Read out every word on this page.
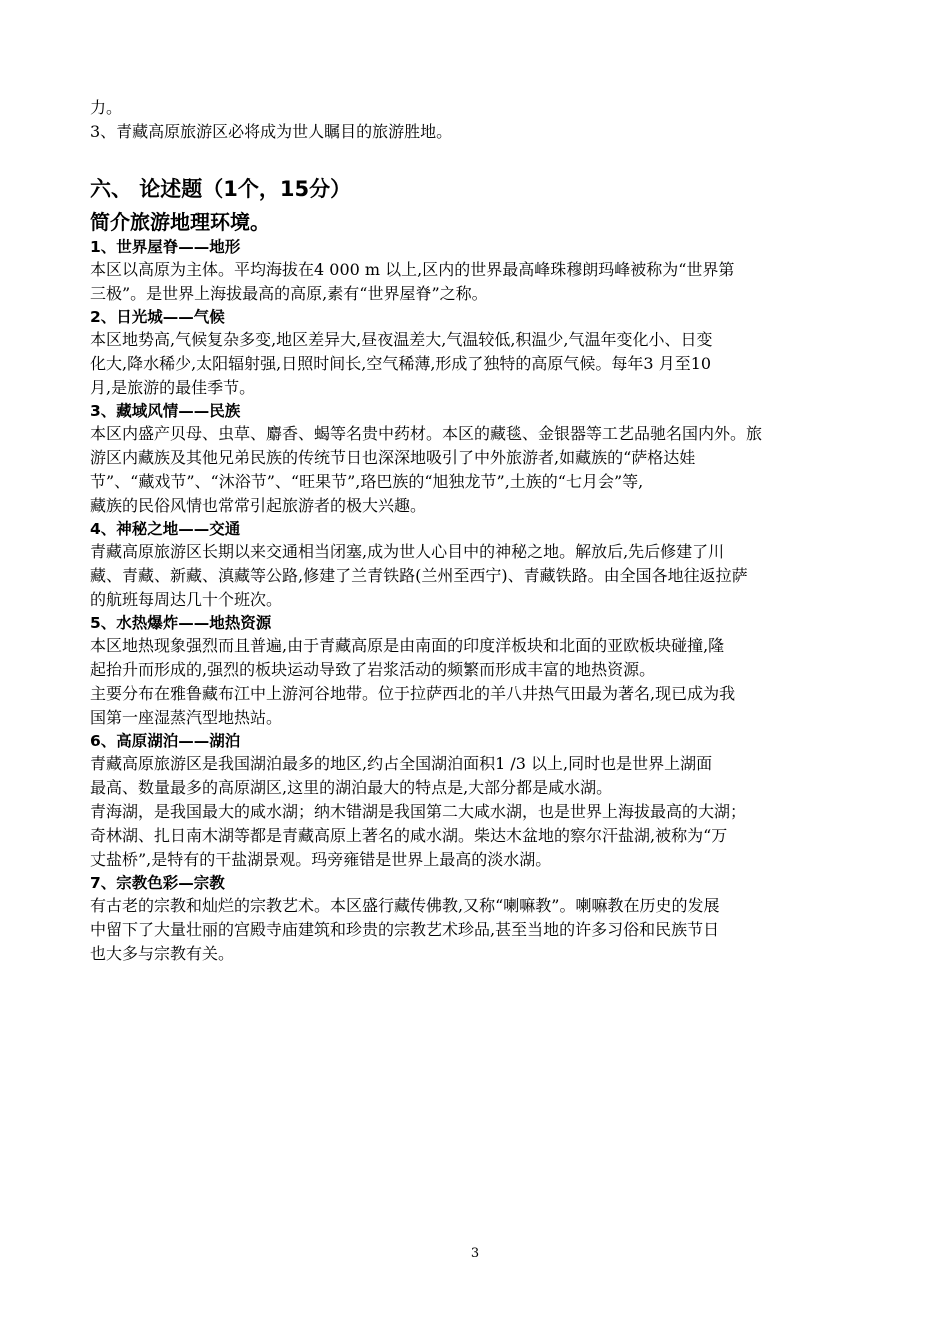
力。

3、青藏高原旅游区必将成为世人瞩目的旅游胜地。

六、 论述题（1个，15分）
简介旅游地理环境。
1、世界屋脊——地形

本区以高原为主体。平均海拔在4 000 m 以上,区内的世界最高峰珠穆朗玛峰被称为“世界第
三极”。是世界上海拔最高的高原,素有“世界屋脊”之称。

2、日光城——气候

本区地势高,气候复杂多变,地区差异大,昼夜温差大,气温较低,积温少,气温年变化小、日变
化大,降水稀少,太阳辐射强,日照时间长,空气稀薄,形成了独特的高原气候。每年3 月至10
月,是旅游的最佳季节。

3、藏域风情——民族

本区内盛产贝母、虫草、麝香、蝎等名贵中药材。本区的藏毯、金银器等工艺品驰名国内外。旅
游区内藏族及其他兄弟民族的传统节日也深深地吸引了中外旅游者,如藏族的“萨格达娃
节”、“藏戏节”、“沐浴节”、“旺果节”,珞巴族的“旭独龙节”,土族的“七月会”等,
藏族的民俗风情也常常引起旅游者的极大兴趣。

4、神秘之地——交通

青藏高原旅游区长期以来交通相当闭塞,成为世人心目中的神秘之地。解放后,先后修建了川
藏、青藏、新藏、滇藏等公路,修建了兰青铁路(兰州至西宁)、青藏铁路。由全国各地往返拉萨
的航班每周达几十个班次。

5、水热爆炸——地热资源

本区地热现象强烈而且普遍,由于青藏高原是由南面的印度洋板块和北面的亚欧板块碰撞,隆
起抬升而形成的,强烈的板块运动导致了岩浆活动的频繁而形成丰富的地热资源。

主要分布在雅鲁藏布江中上游河谷地带。位于拉萨西北的羊八井热气田最为著名,现已成为我
国第一座湿蒸汽型地热站。

6、高原湖泊——湖泊

青藏高原旅游区是我国湖泊最多的地区,约占全国湖泊面积1 /3 以上,同时也是世界上湖面
最高、数量最多的高原湖区,这里的湖泊最大的特点是,大部分都是咸水湖。

青海湖，是我国最大的咸水湖；纳木错湖是我国第二大咸水湖，也是世界上海拔最高的大湖；
奇林湖、扎日南木湖等都是青藏高原上著名的咸水湖。柴达木盆地的察尔汗盐湖,被称为“万
丈盐桥”,是特有的干盐湖景观。玛旁雍错是世界上最高的淡水湖。

7、宗教色彩—宗教

有古老的宗教和灿烂的宗教艺术。本区盛行藏传佛教,又称“喇嘛教”。喇嘛教在历史的发展
中留下了大量壮丽的宫殿寺庙建筑和珍贵的宗教艺术珍品,甚至当地的许多习俗和民族节日
也大多与宗教有关。

3
